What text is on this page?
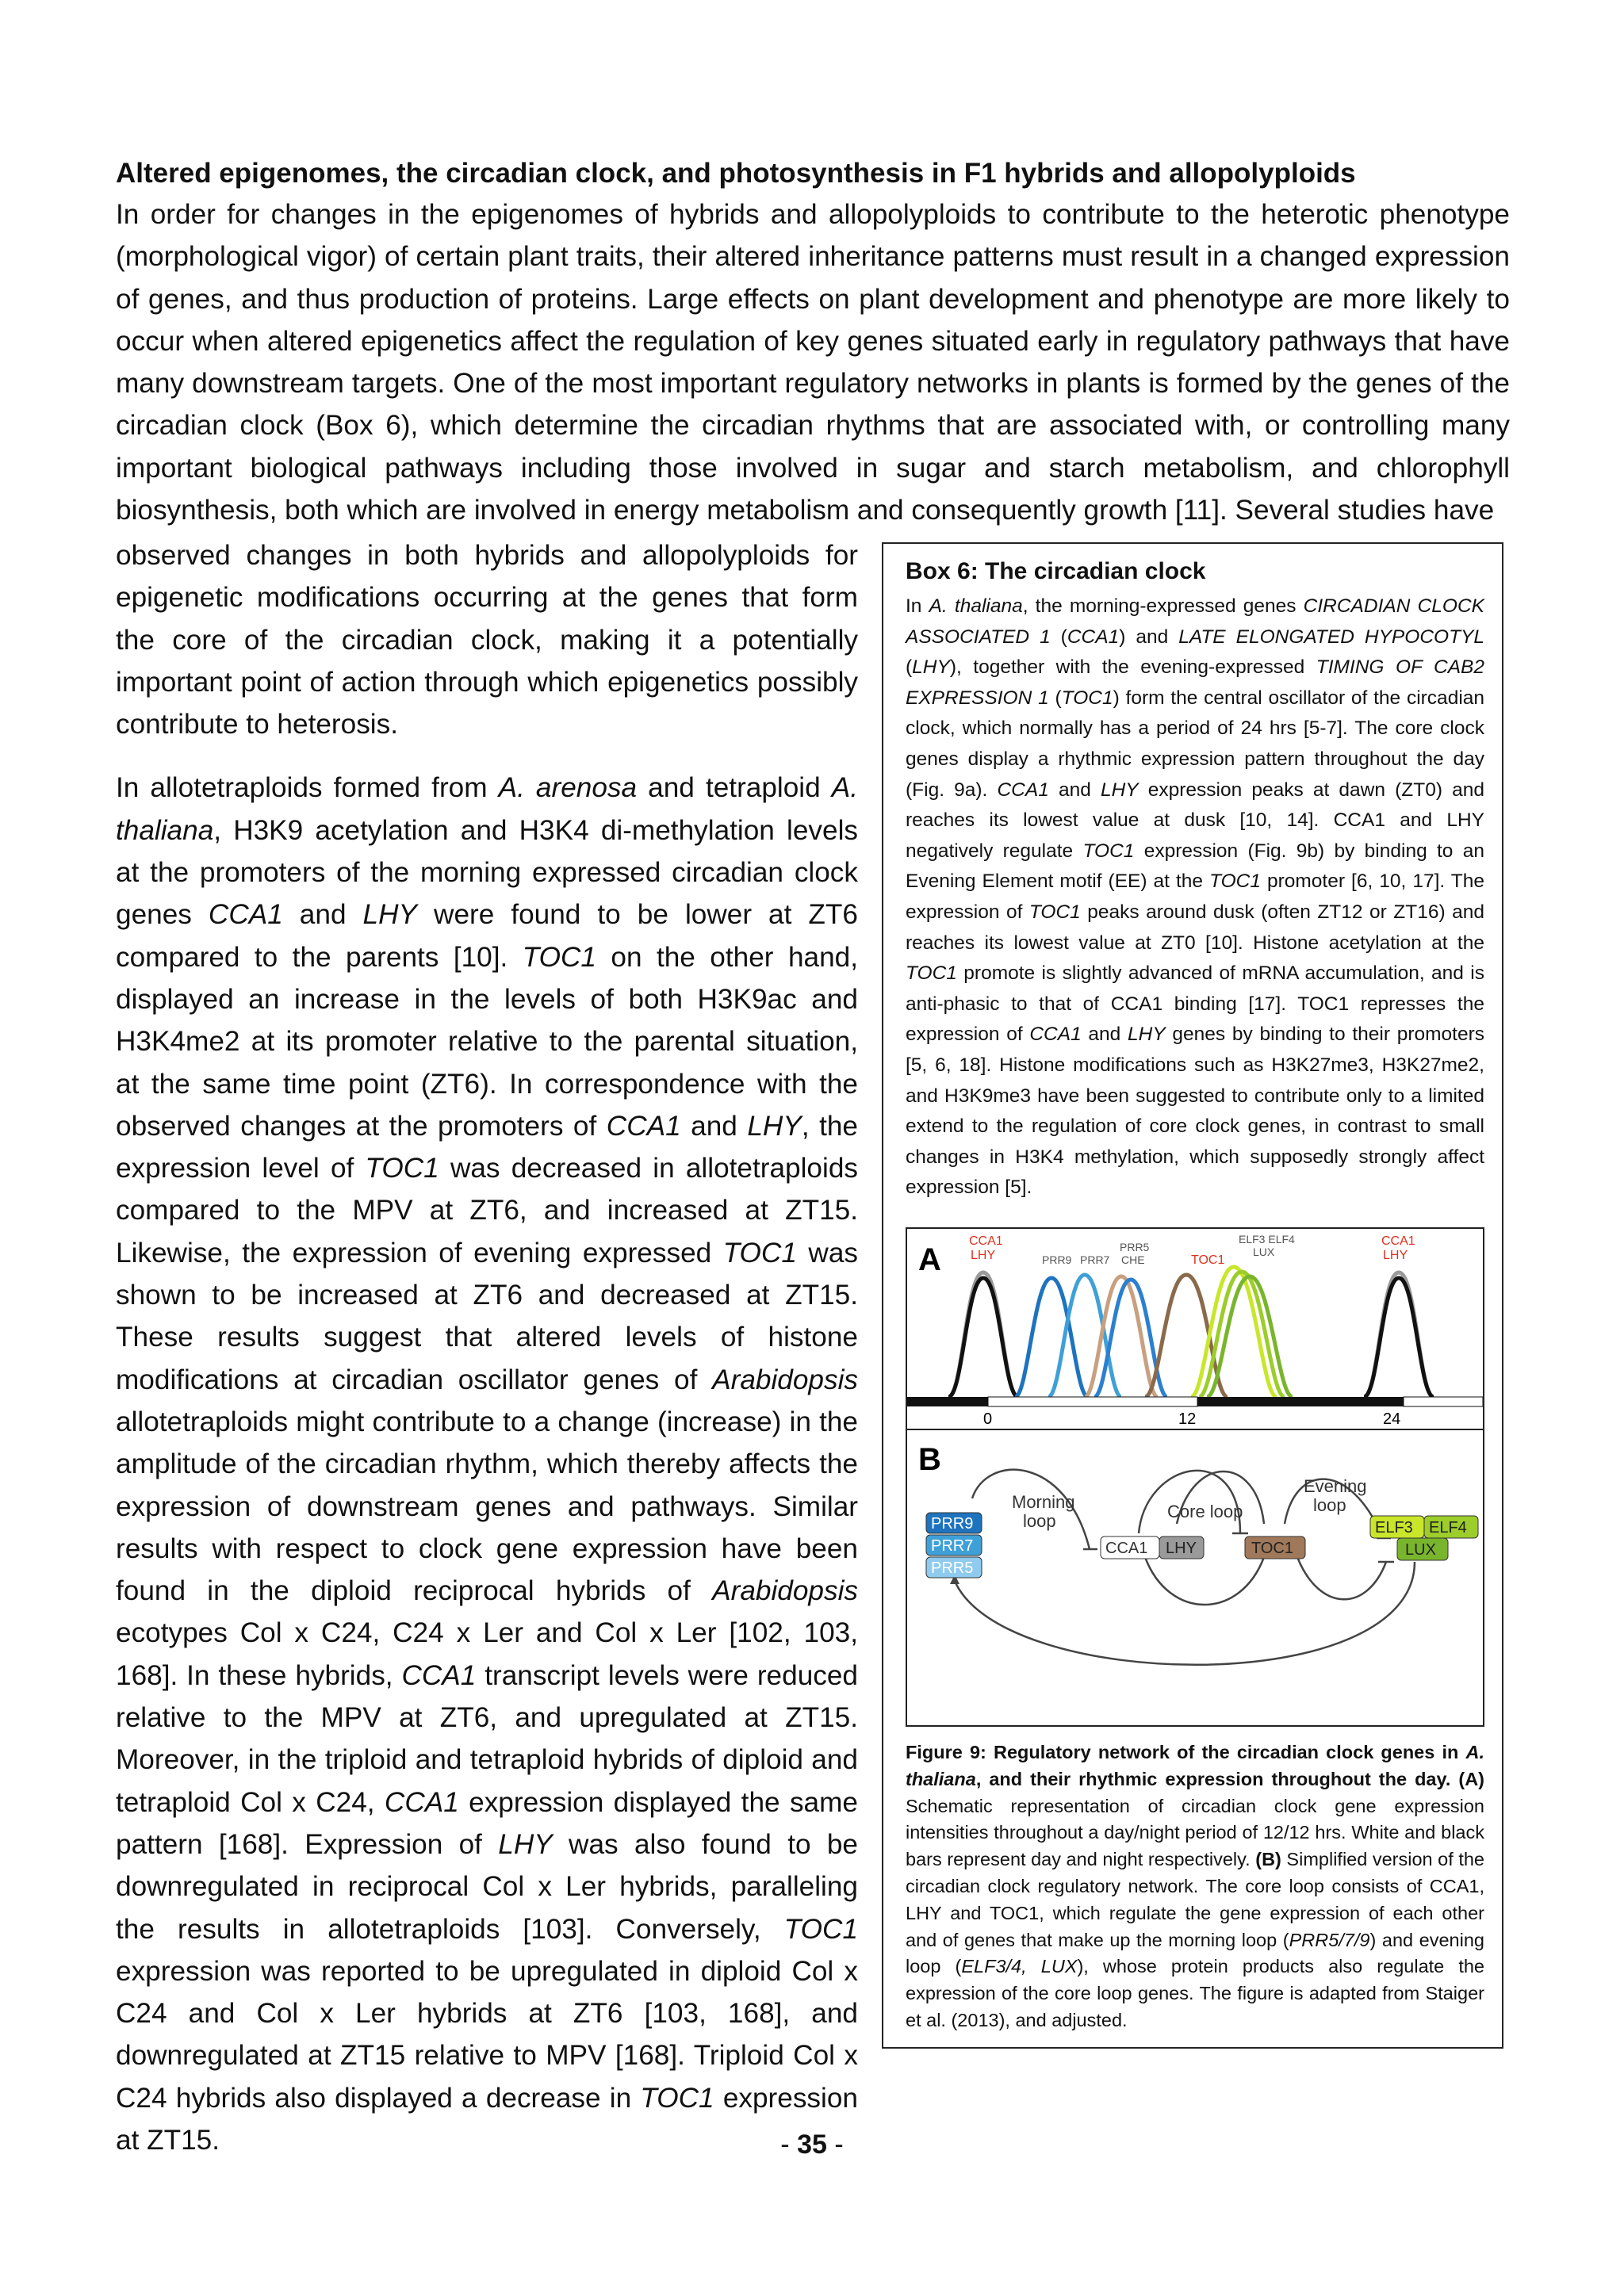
Altered epigenomes, the circadian clock, and photosynthesis in F1 hybrids and allopolyploids

In order for changes in the epigenomes of hybrids and allopolyploids to contribute to the heterotic phenotype (morphological vigor) of certain plant traits, their altered inheritance patterns must result in a changed expression of genes, and thus production of proteins. Large effects on plant development and phenotype are more likely to occur when altered epigenetics affect the regulation of key genes situated early in regulatory pathways that have many downstream targets. One of the most important regulatory networks in plants is formed by the genes of the circadian clock (Box 6), which determine the circadian rhythms that are associated with, or controlling many important biological pathways including those involved in sugar and starch metabolism, and chlorophyll biosynthesis, both which are involved in energy metabolism and consequently growth [11]. Several studies have

observed changes in both hybrids and allopolyploids for epigenetic modifications occurring at the genes that form the core of the circadian clock, making it a potentially important point of action through which epigenetics possibly contribute to heterosis.

In allotetraploids formed from A. arenosa and tetraploid A. thaliana, H3K9 acetylation and H3K4 di-methylation levels at the promoters of the morning expressed circadian clock genes CCA1 and LHY were found to be lower at ZT6 compared to the parents [10]. TOC1 on the other hand, displayed an increase in the levels of both H3K9ac and H3K4me2 at its promoter relative to the parental situation, at the same time point (ZT6). In correspondence with the observed changes at the promoters of CCA1 and LHY, the expression level of TOC1 was decreased in allotetraploids compared to the MPV at ZT6, and increased at ZT15. Likewise, the expression of evening expressed TOC1 was shown to be increased at ZT6 and decreased at ZT15. These results suggest that altered levels of histone modifications at circadian oscillator genes of Arabidopsis allotetraploids might contribute to a change (increase) in the amplitude of the circadian rhythm, which thereby affects the expression of downstream genes and pathways. Similar results with respect to clock gene expression have been found in the diploid reciprocal hybrids of Arabidopsis ecotypes Col x C24, C24 x Ler and Col x Ler [102, 103, 168]. In these hybrids, CCA1 transcript levels were reduced relative to the MPV at ZT6, and upregulated at ZT15. Moreover, in the triploid and tetraploid hybrids of diploid and tetraploid Col x C24, CCA1 expression displayed the same pattern [168]. Expression of LHY was also found to be downregulated in reciprocal Col x Ler hybrids, paralleling the results in allotetraploids [103]. Conversely, TOC1 expression was reported to be upregulated in diploid Col x C24 and Col x Ler hybrids at ZT6 [103, 168], and downregulated at ZT15 relative to MPV [168]. Triploid Col x C24 hybrids also displayed a decrease in TOC1 expression at ZT15.

Box 6: The circadian clock

In A. thaliana, the morning-expressed genes CIRCADIAN CLOCK ASSOCIATED 1 (CCA1) and LATE ELONGATED HYPOCOTYL (LHY), together with the evening-expressed TIMING OF CAB2 EXPRESSION 1 (TOC1) form the central oscillator of the circadian clock, which normally has a period of 24 hrs [5-7]. The core clock genes display a rhythmic expression pattern throughout the day (Fig. 9a). CCA1 and LHY expression peaks at dawn (ZT0) and reaches its lowest value at dusk [10, 14]. CCA1 and LHY negatively regulate TOC1 expression (Fig. 9b) by binding to an Evening Element motif (EE) at the TOC1 promoter [6, 10, 17]. The expression of TOC1 peaks around dusk (often ZT12 or ZT16) and reaches its lowest value at ZT0 [10]. Histone acetylation at the TOC1 promote is slightly advanced of mRNA accumulation, and is anti-phasic to that of CCA1 binding [17]. TOC1 represses the expression of CCA1 and LHY genes by binding to their promoters [5, 6, 18]. Histone modifications such as H3K27me3, H3K27me2, and H3K9me3 have been suggested to contribute only to a limited extend to the regulation of core clock genes, in contrast to small changes in H3K4 methylation, which supposedly strongly affect expression [5].

A
CCA1
LHY	PRR9 PRR7
PRR5
CHE	TOC1
ELF3 ELF4
LUX
CCA1
LHY
0	12	24
B
Morning
loop	Core loop
Evening
loop
PRR9
PRR7
PRR5
CCA1 LHY	TOC1
ELF3 ELF4
LUX

Figure 9: Regulatory network of the circadian clock genes in A. thaliana, and their rhythmic expression throughout the day. (A) Schematic representation of circadian clock gene expression intensities throughout a day/night period of 12/12 hrs. White and black bars represent day and night respectively. (B) Simplified version of the circadian clock regulatory network. The core loop consists of CCA1, LHY and TOC1, which regulate the gene expression of each other and of genes that make up the morning loop (PRR5/7/9) and evening loop (ELF3/4, LUX), whose protein products also regulate the expression of the core loop genes. The figure is adapted from Staiger et al. (2013), and adjusted.

- 35 -
